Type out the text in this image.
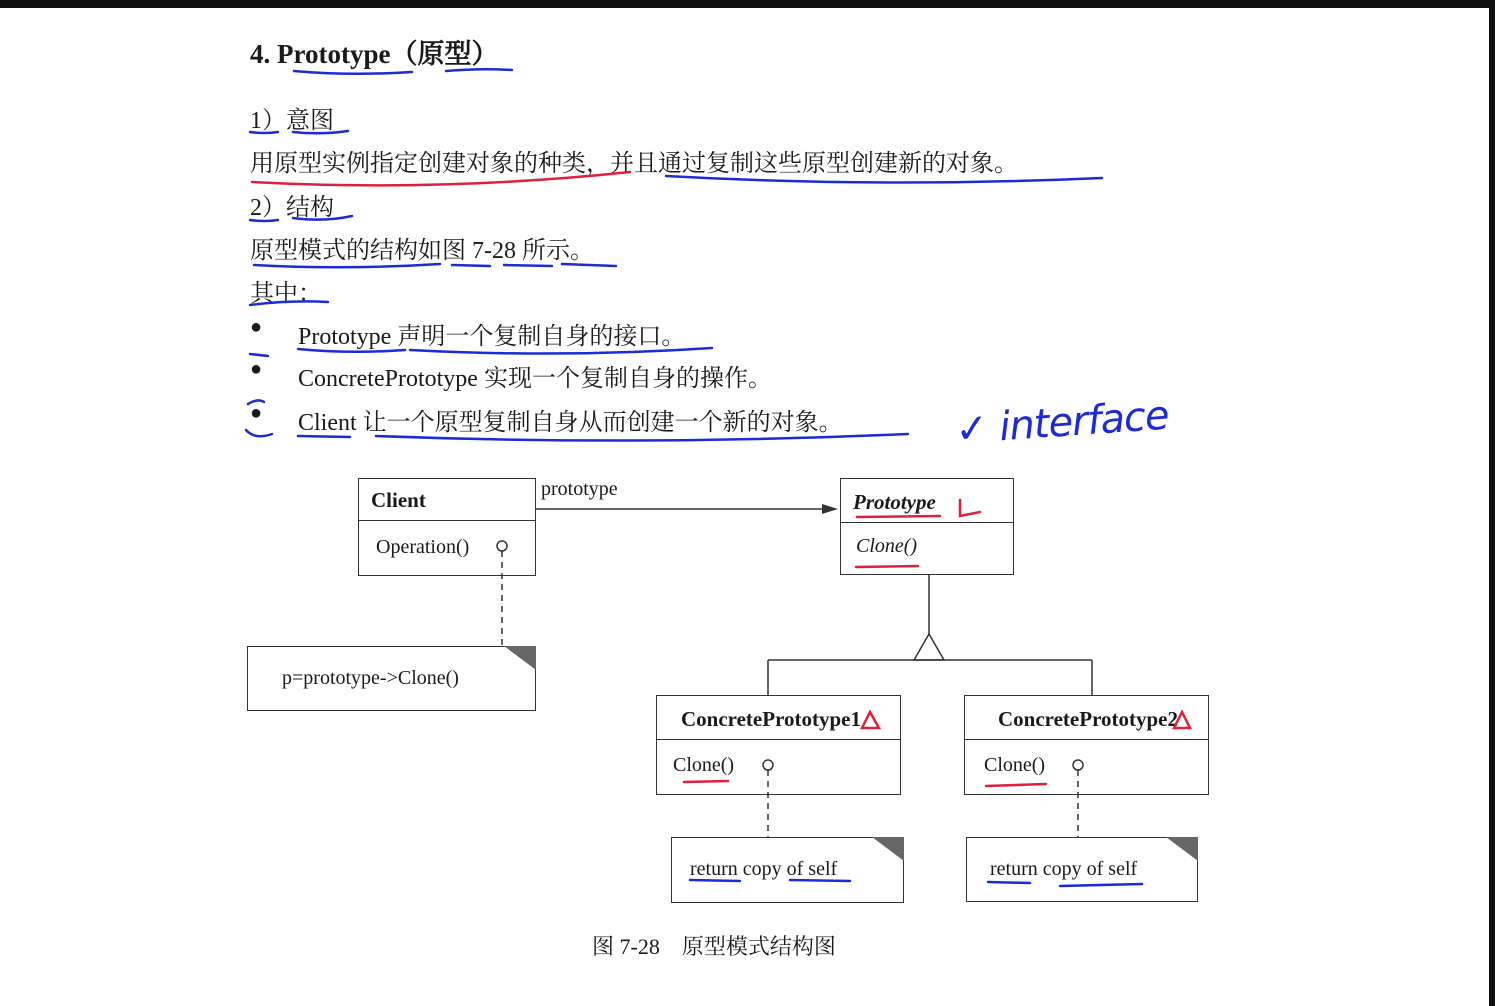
4. Prototype（原型）
1）意图
用原型实例指定创建对象的种类，并且通过复制这些原型创建新的对象。
2）结构
原型模式的结构如图 7-28 所示。
其中：
● Prototype 声明一个复制自身的接口。
● ConcretePrototype 实现一个复制自身的操作。
● Client 让一个原型复制自身从而创建一个新的对象。	✓ interface
prototype
Client
Operation()
Prototype
Clone()
ConcretePrototype1
Clone()
ConcretePrototype2
Clone()
p=prototype->Clone()
return copy of self	return copy of self
图 7-28    原型模式结构图
